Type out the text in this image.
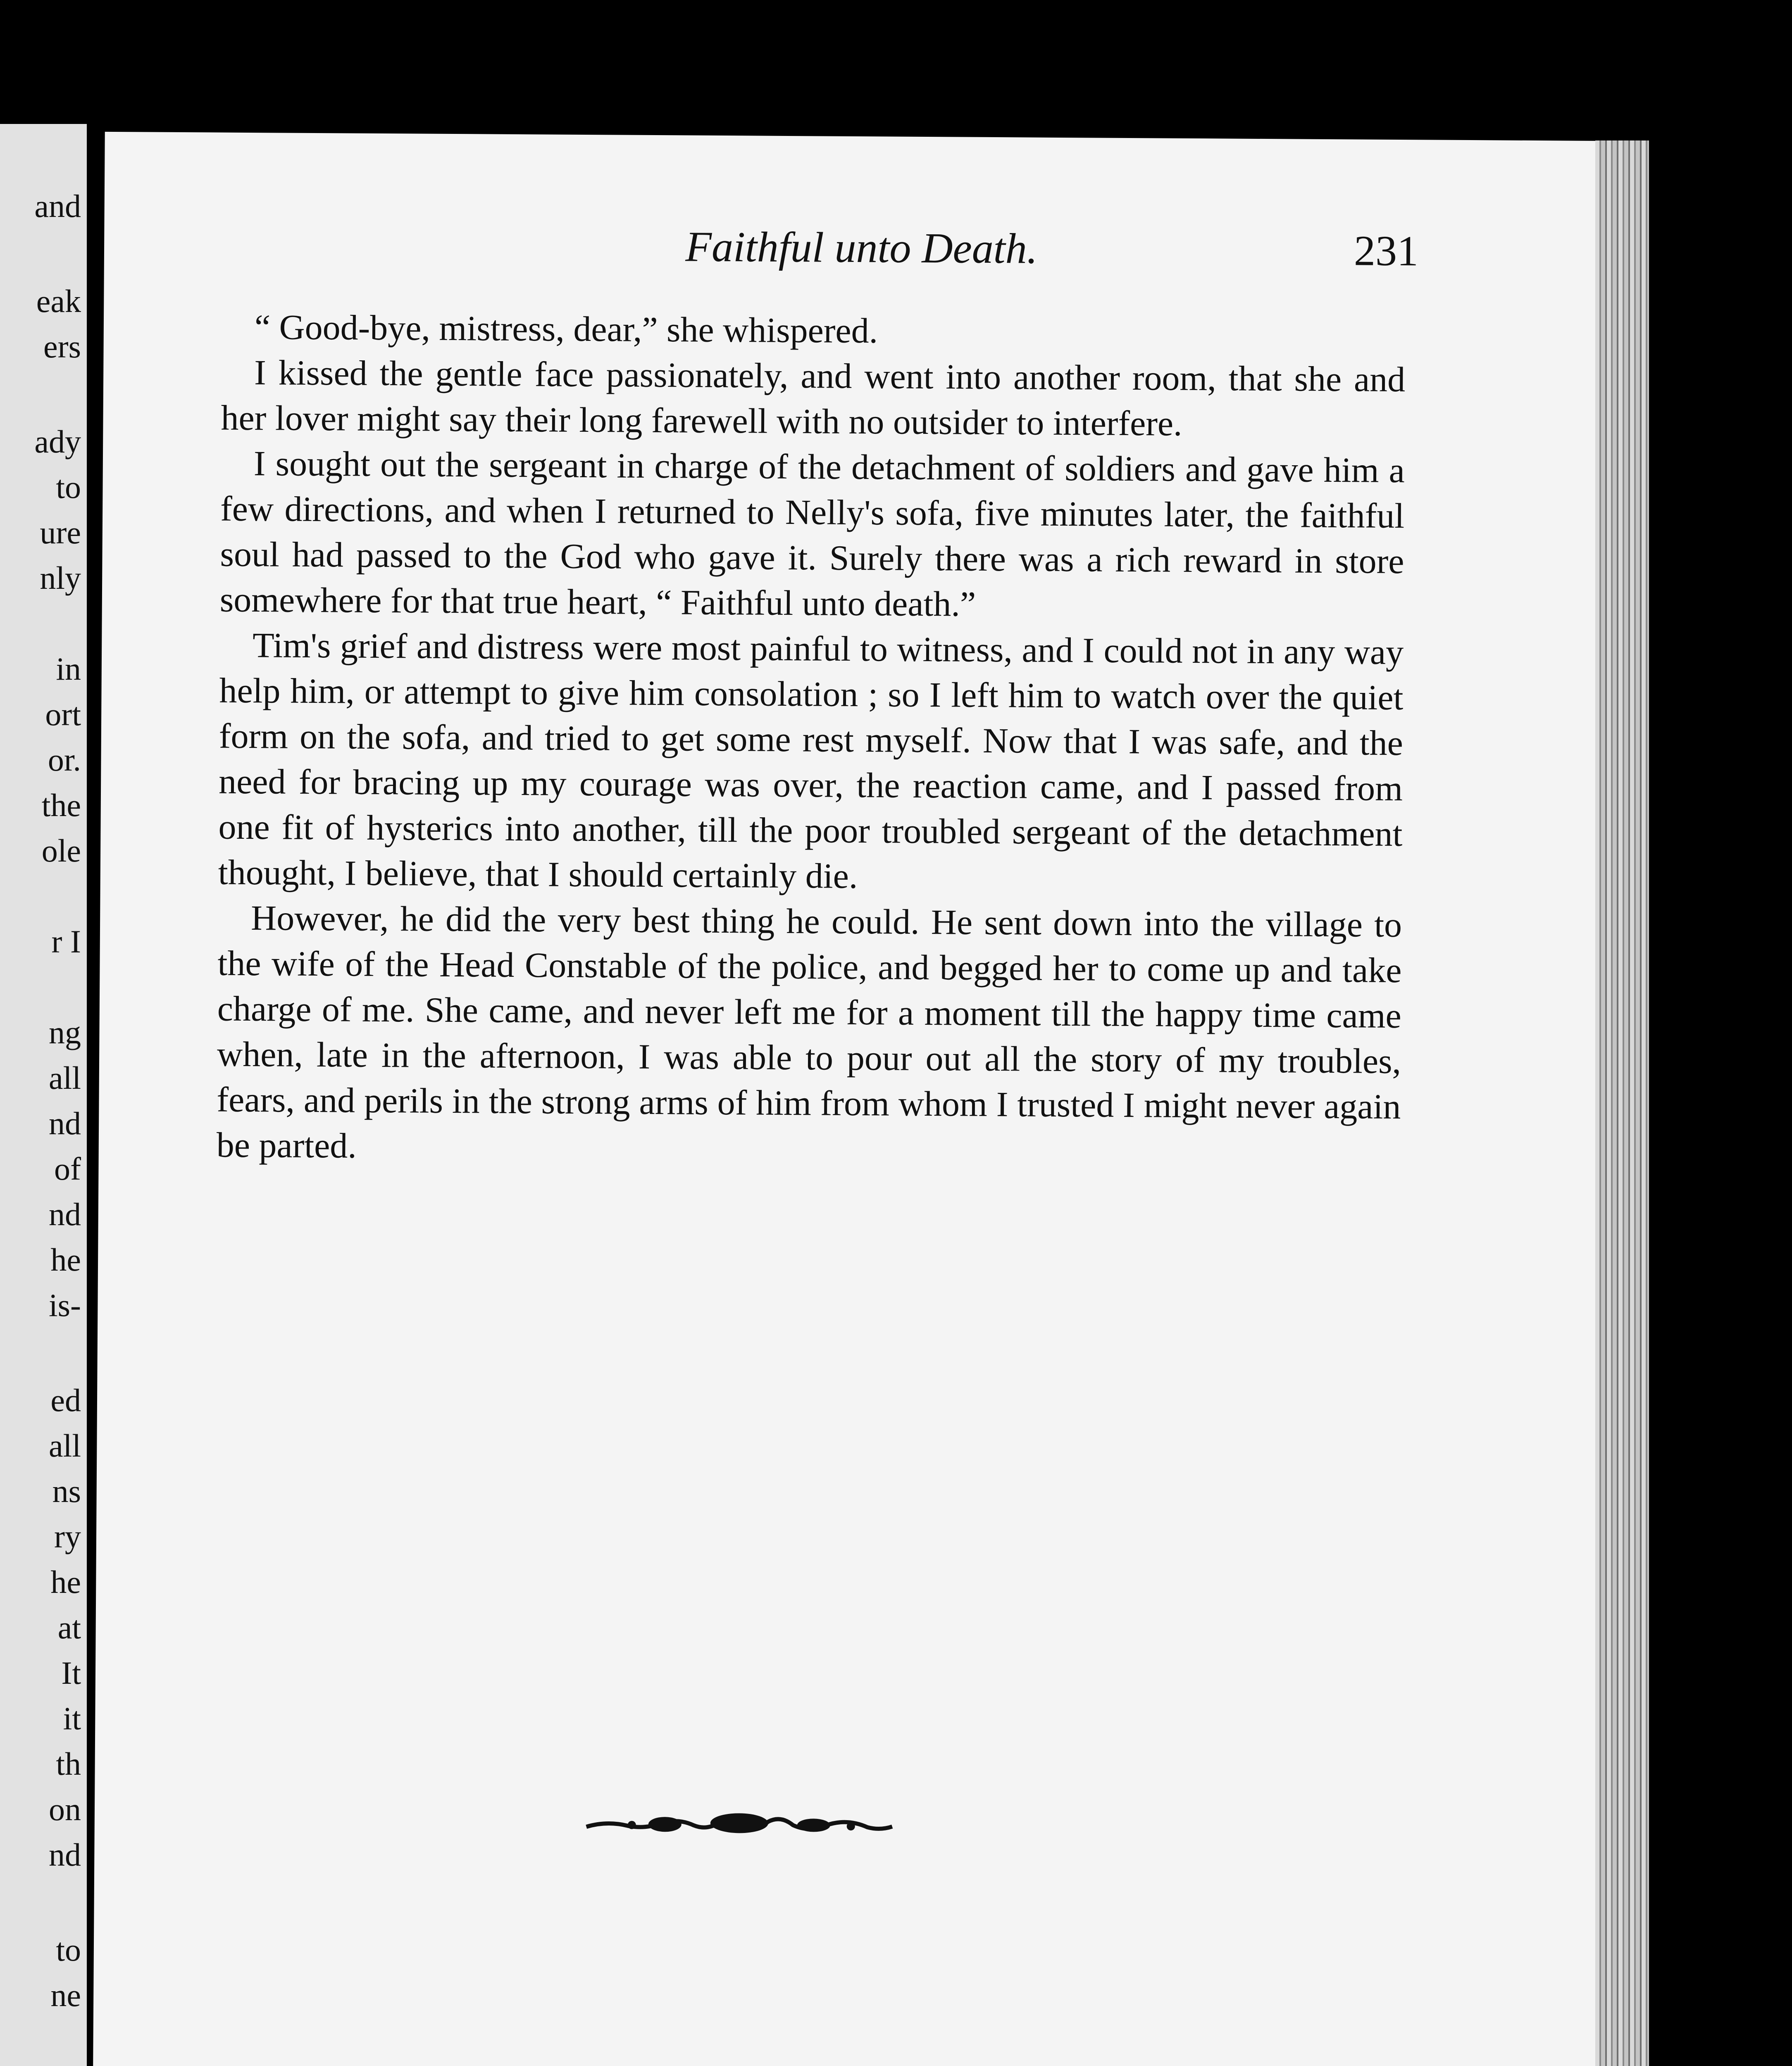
and
eak
ers
ady
to
ure
nly
in
ort
or.
the
ole
r I
ng
all
nd
of
nd
he
is-
ed
all
ns
ry
he
at
It
it
th
on
nd
to
ne
Faithful unto Death.	231

“ Good-bye, mistress, dear,” she whispered.

I kissed the gentle face passionately, and went into another room, that she and her lover might say their long farewell with no outsider to interfere.

I sought out the sergeant in charge of the detachment of soldiers and gave him a few directions, and when I returned to Nelly's sofa, five minutes later, the faithful soul had passed to the God who gave it. Surely there was a rich reward in store somewhere for that true heart, “ Faithful unto death.”

Tim's grief and distress were most painful to witness, and I could not in any way help him, or attempt to give him consolation ; so I left him to watch over the quiet form on the sofa, and tried to get some rest myself. Now that I was safe, and the need for bracing up my courage was over, the reaction came, and I passed from one fit of hysterics into another, till the poor troubled sergeant of the detachment thought, I believe, that I should certainly die.

However, he did the very best thing he could. He sent down into the village to the wife of the Head Constable of the police, and begged her to come up and take charge of me. She came, and never left me for a moment till the happy time came when, late in the afternoon, I was able to pour out all the story of my troubles, fears, and perils in the strong arms of him from whom I trusted I might never again be parted.
